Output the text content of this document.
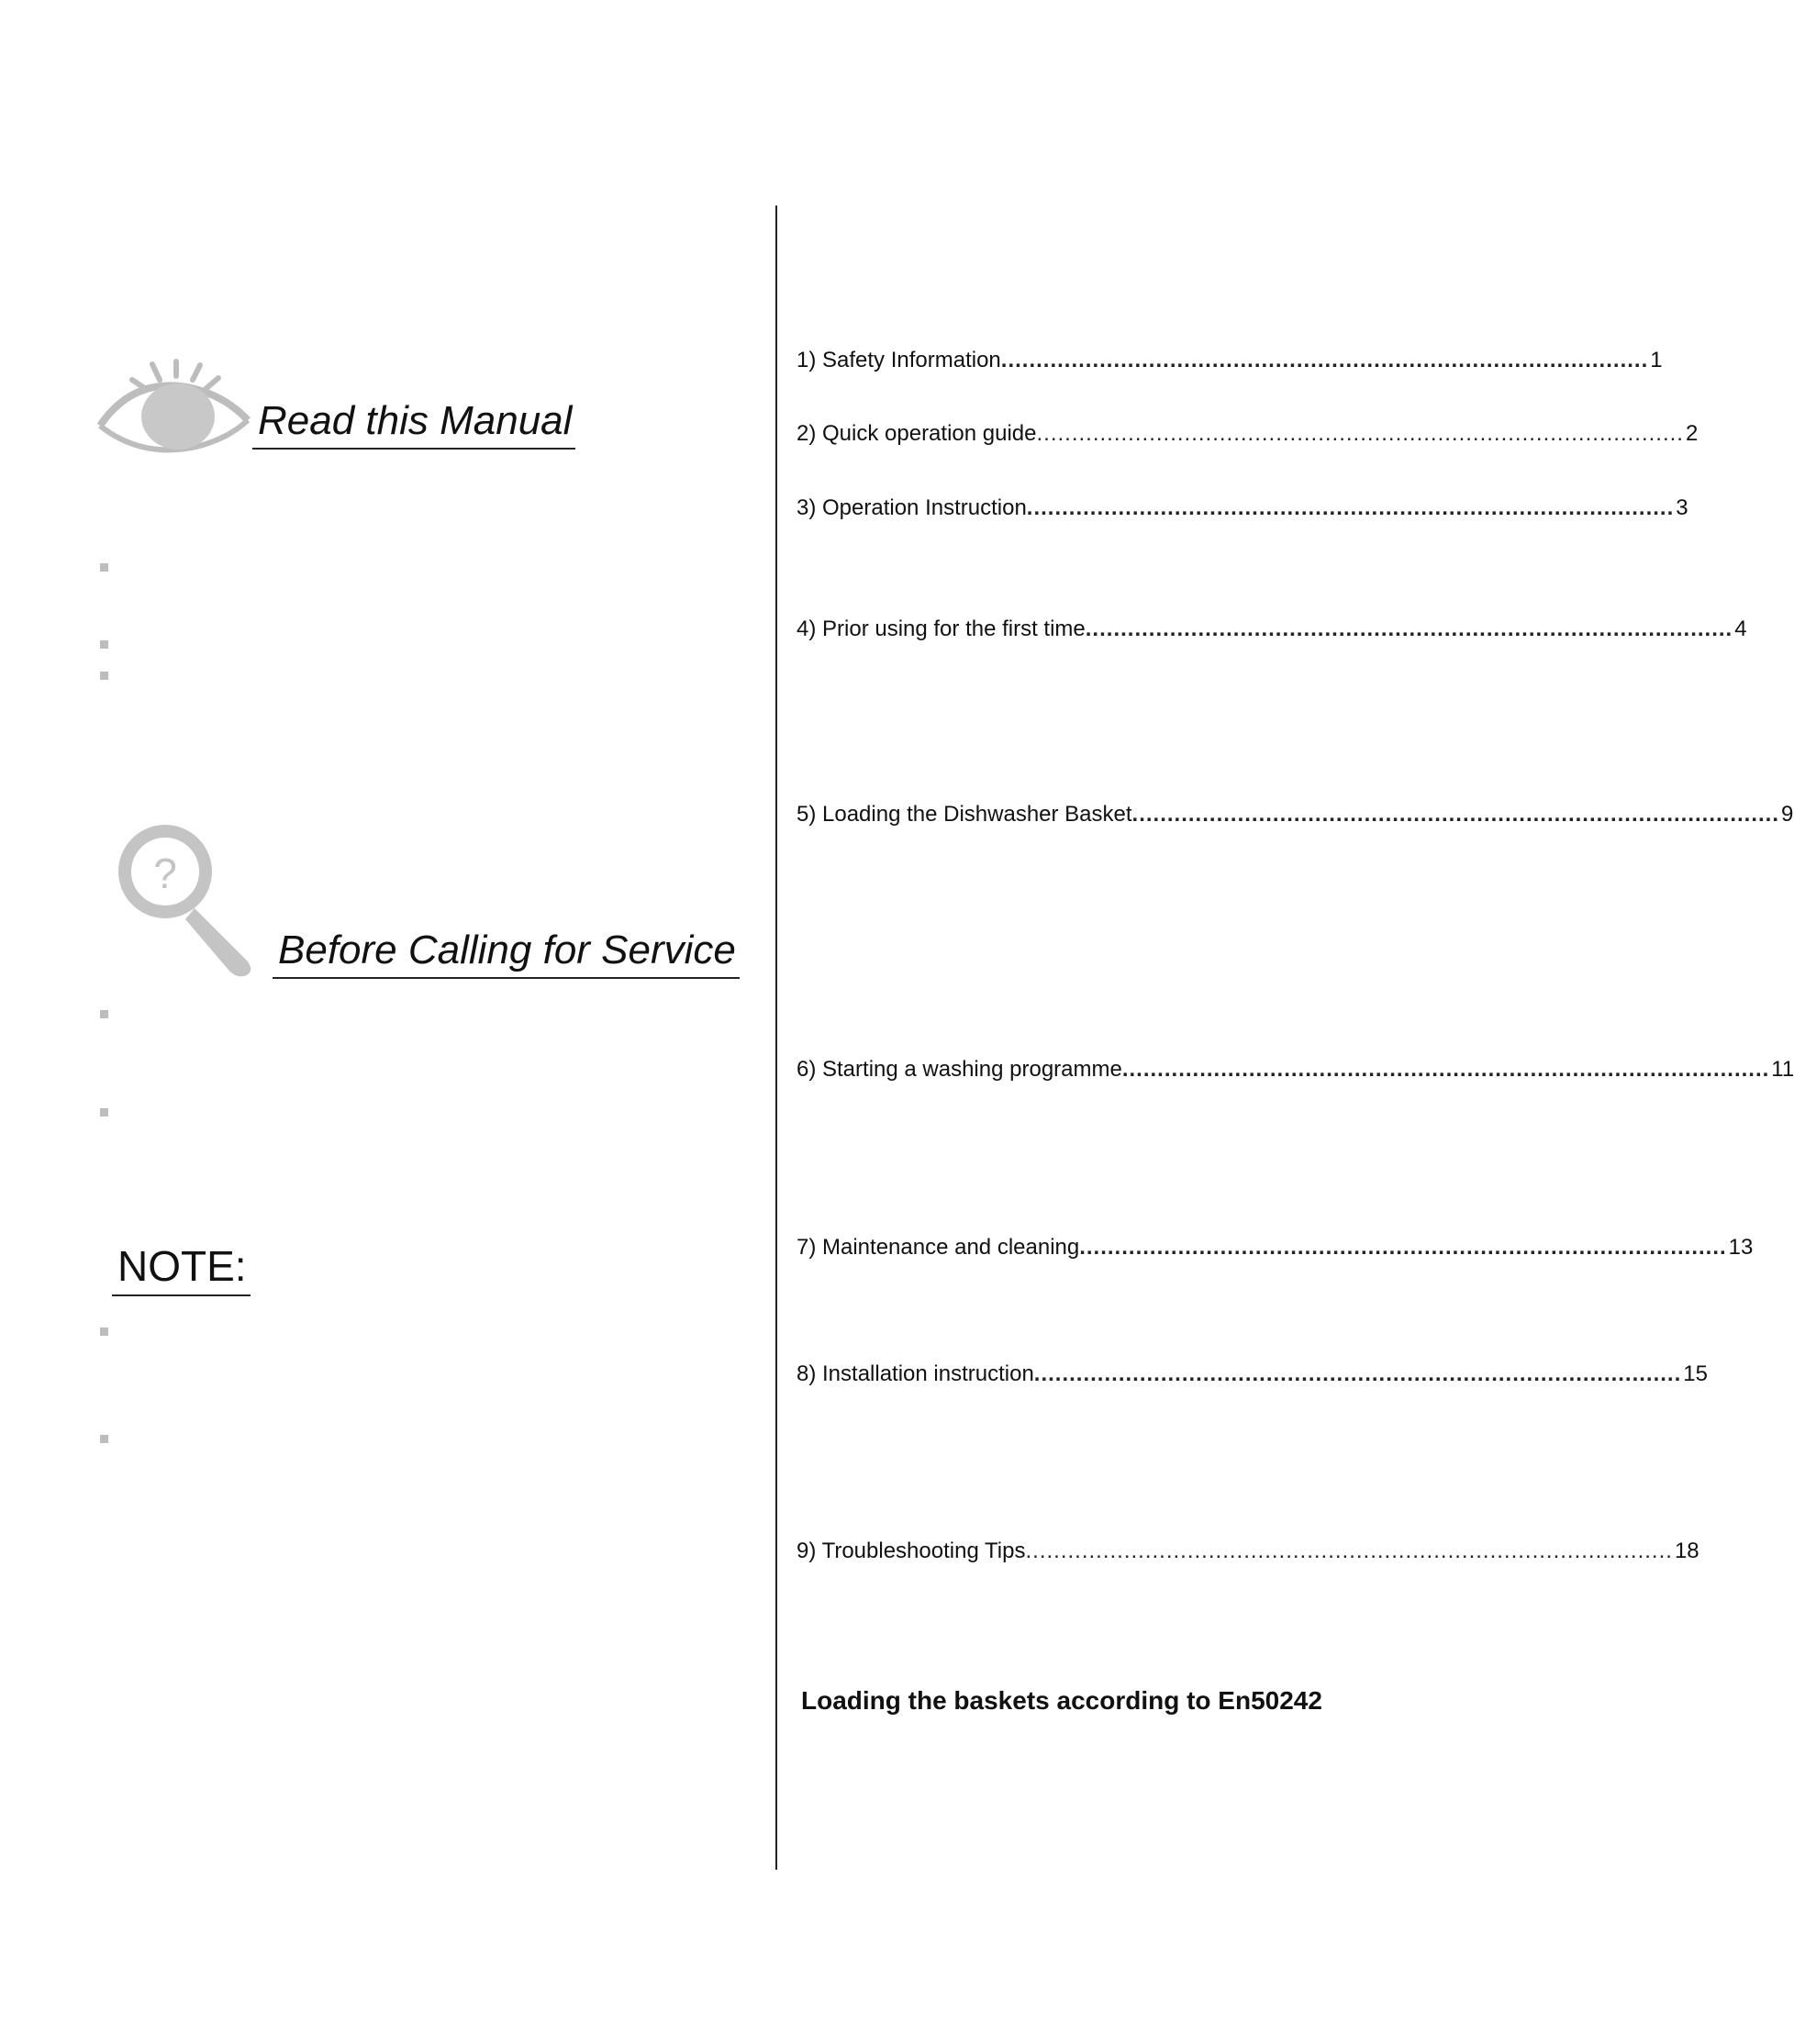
Read this Manual
?
Before Calling for Service
NOTE:
1) Safety Information ............................................................................................ 1
2) Quick operation guide ............................................................................................ 2
3) Operation Instruction ............................................................................................ 3
4) Prior using for the first time ............................................................................................ 4
5) Loading the Dishwasher Basket ............................................................................................ 9
6) Starting a washing programme ............................................................................................ 11
7) Maintenance and cleaning ............................................................................................ 13
8) Installation instruction ............................................................................................ 15
9) Troubleshooting Tips ............................................................................................ 18
Loading the baskets according to En50242
